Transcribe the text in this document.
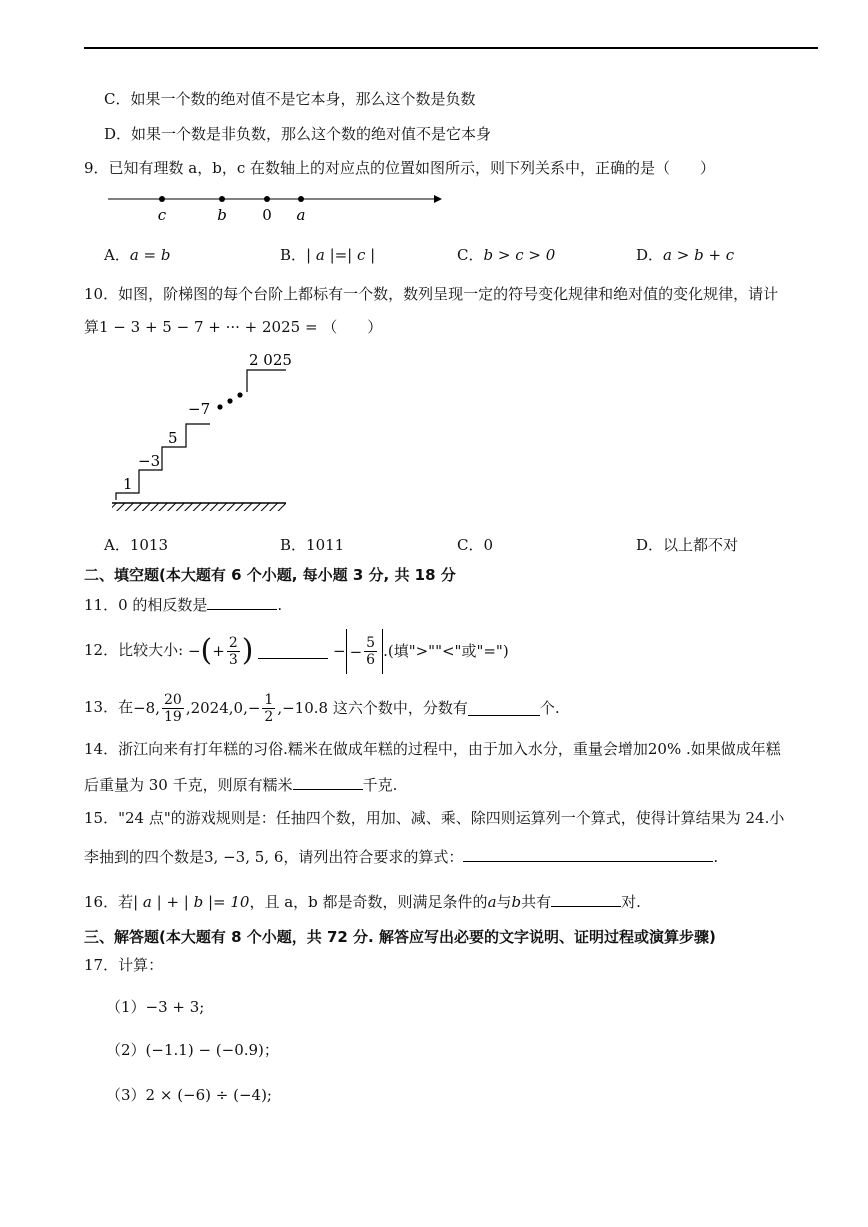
C．如果一个数的绝对值不是它本身，那么这个数是负数
D．如果一个数是非负数，那么这个数的绝对值不是它本身
9．已知有理数 a，b，c 在数轴上的对应点的位置如图所示，则下列关系中，正确的是（　　）
c	b 0 a
A．a = b	B．| a |=| c |	C．b > c > 0	D．a > b + c
10．如图，阶梯图的每个台阶上都标有一个数，数列呈现一定的符号变化规律和绝对值的变化规律，请计
算1 − 3 + 5 − 7 + ··· + 2025 = （　　）
1
−3
5
−7
2 025
A．1013	B．1011	C．0	D．以上都不对
二、填空题(本大题有 6 个小题, 每小题 3 分, 共 18 分
11．0 的相反数是	.
12．比较大小: −(+ $\frac{2}{3}$ )	− − $\frac{5}{6}$ .(填">""<"或"=")
13．在−8, $\frac{20}{19} ,2024,0,- \frac{1}{2} ,-10.8$ 这六个数中，分数有	个.
14．浙江向来有打年糕的习俗.糯米在做成年糕的过程中，由于加入水分，重量会增加20% .如果做成年糕
后重量为 30 千克，则原有糯米	千克.
15．"24 点"的游戏规则是：任抽四个数，用加、减、乘、除四则运算列一个算式，使得计算结果为 24.小
李抽到的四个数是3, −3, 5, 6，请列出符合要求的算式：	.
16．若| a | + | b |= 10，且 a，b 都是奇数，则满足条件的a与b共有	对.
三、解答题(本大题有 8 个小题，共 72 分. 解答应写出必要的文字说明、证明过程或演算步骤)
17．计算：
（1）−3 + 3;
（2）(−1.1) − (−0.9)；
（3）2 × (−6) ÷ (−4);
